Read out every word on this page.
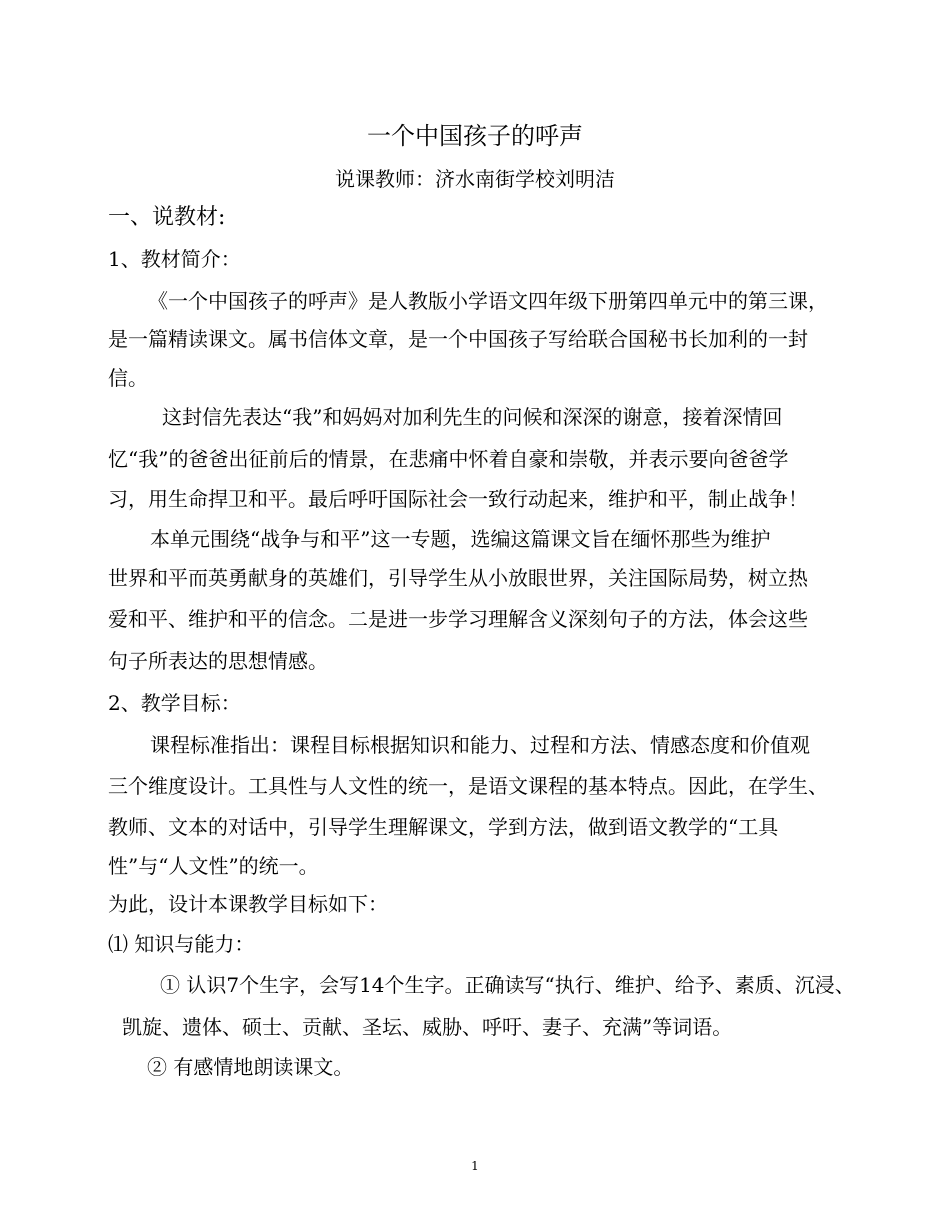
一个中国孩子的呼声
说课教师：济水南街学校刘明洁
一、说教材:
1、教材简介：
《一个中国孩子的呼声》是人教版小学语文四年级下册第四单元中的第三课，
是一篇精读课文。属书信体文章，是一个中国孩子写给联合国秘书长加利的一封
信。
这封信先表达“我”和妈妈对加利先生的问候和深深的谢意，接着深情回
忆“我”的爸爸出征前后的情景，在悲痛中怀着自豪和崇敬，并表示要向爸爸学
习，用生命捍卫和平。最后呼吁国际社会一致行动起来，维护和平，制止战争！
本单元围绕“战争与和平”这一专题，选编这篇课文旨在缅怀那些为维护
世界和平而英勇献身的英雄们，引导学生从小放眼世界，关注国际局势，树立热
爱和平、维护和平的信念。二是进一步学习理解含义深刻句子的方法，体会这些
句子所表达的思想情感。
2、教学目标：
课程标准指出：课程目标根据知识和能力、过程和方法、情感态度和价值观
三个维度设计。工具性与人文性的统一，是语文课程的基本特点。因此，在学生、
教师、文本的对话中，引导学生理解课文，学到方法，做到语文教学的“工具
性”与“人文性”的统一。
为此，设计本课教学目标如下：
⑴ 知识与能力：
① 认识7个生字，会写14个生字。正确读写“执行、维护、给予、素质、沉浸、
凯旋、遗体、硕士、贡献、圣坛、威胁、呼吁、妻子、充满”等词语。
② 有感情地朗读课文。
1
